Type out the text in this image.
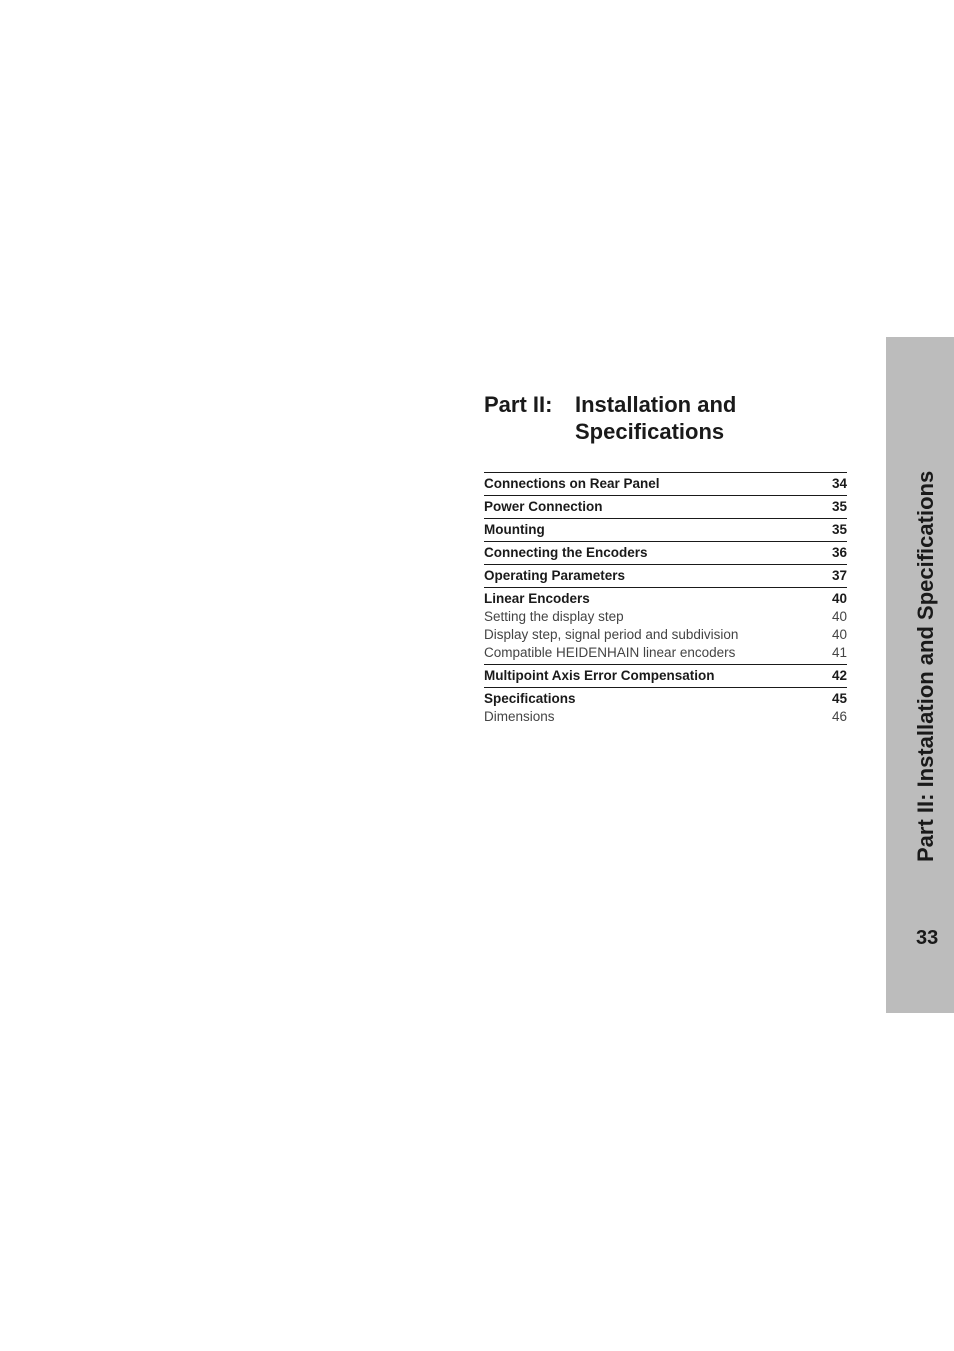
Part II: Installation and Specifications
Connections on Rear Panel	34
Power Connection	35
Mounting	35
Connecting the Encoders	36
Operating Parameters	37
Linear Encoders	40
Setting the display step	40
Display step, signal period and subdivision	40
Compatible HEIDENHAIN linear encoders	41
Multipoint Axis Error Compensation	42
Specifications	45
Dimensions	46	Part II: Installation and Specifications
33
